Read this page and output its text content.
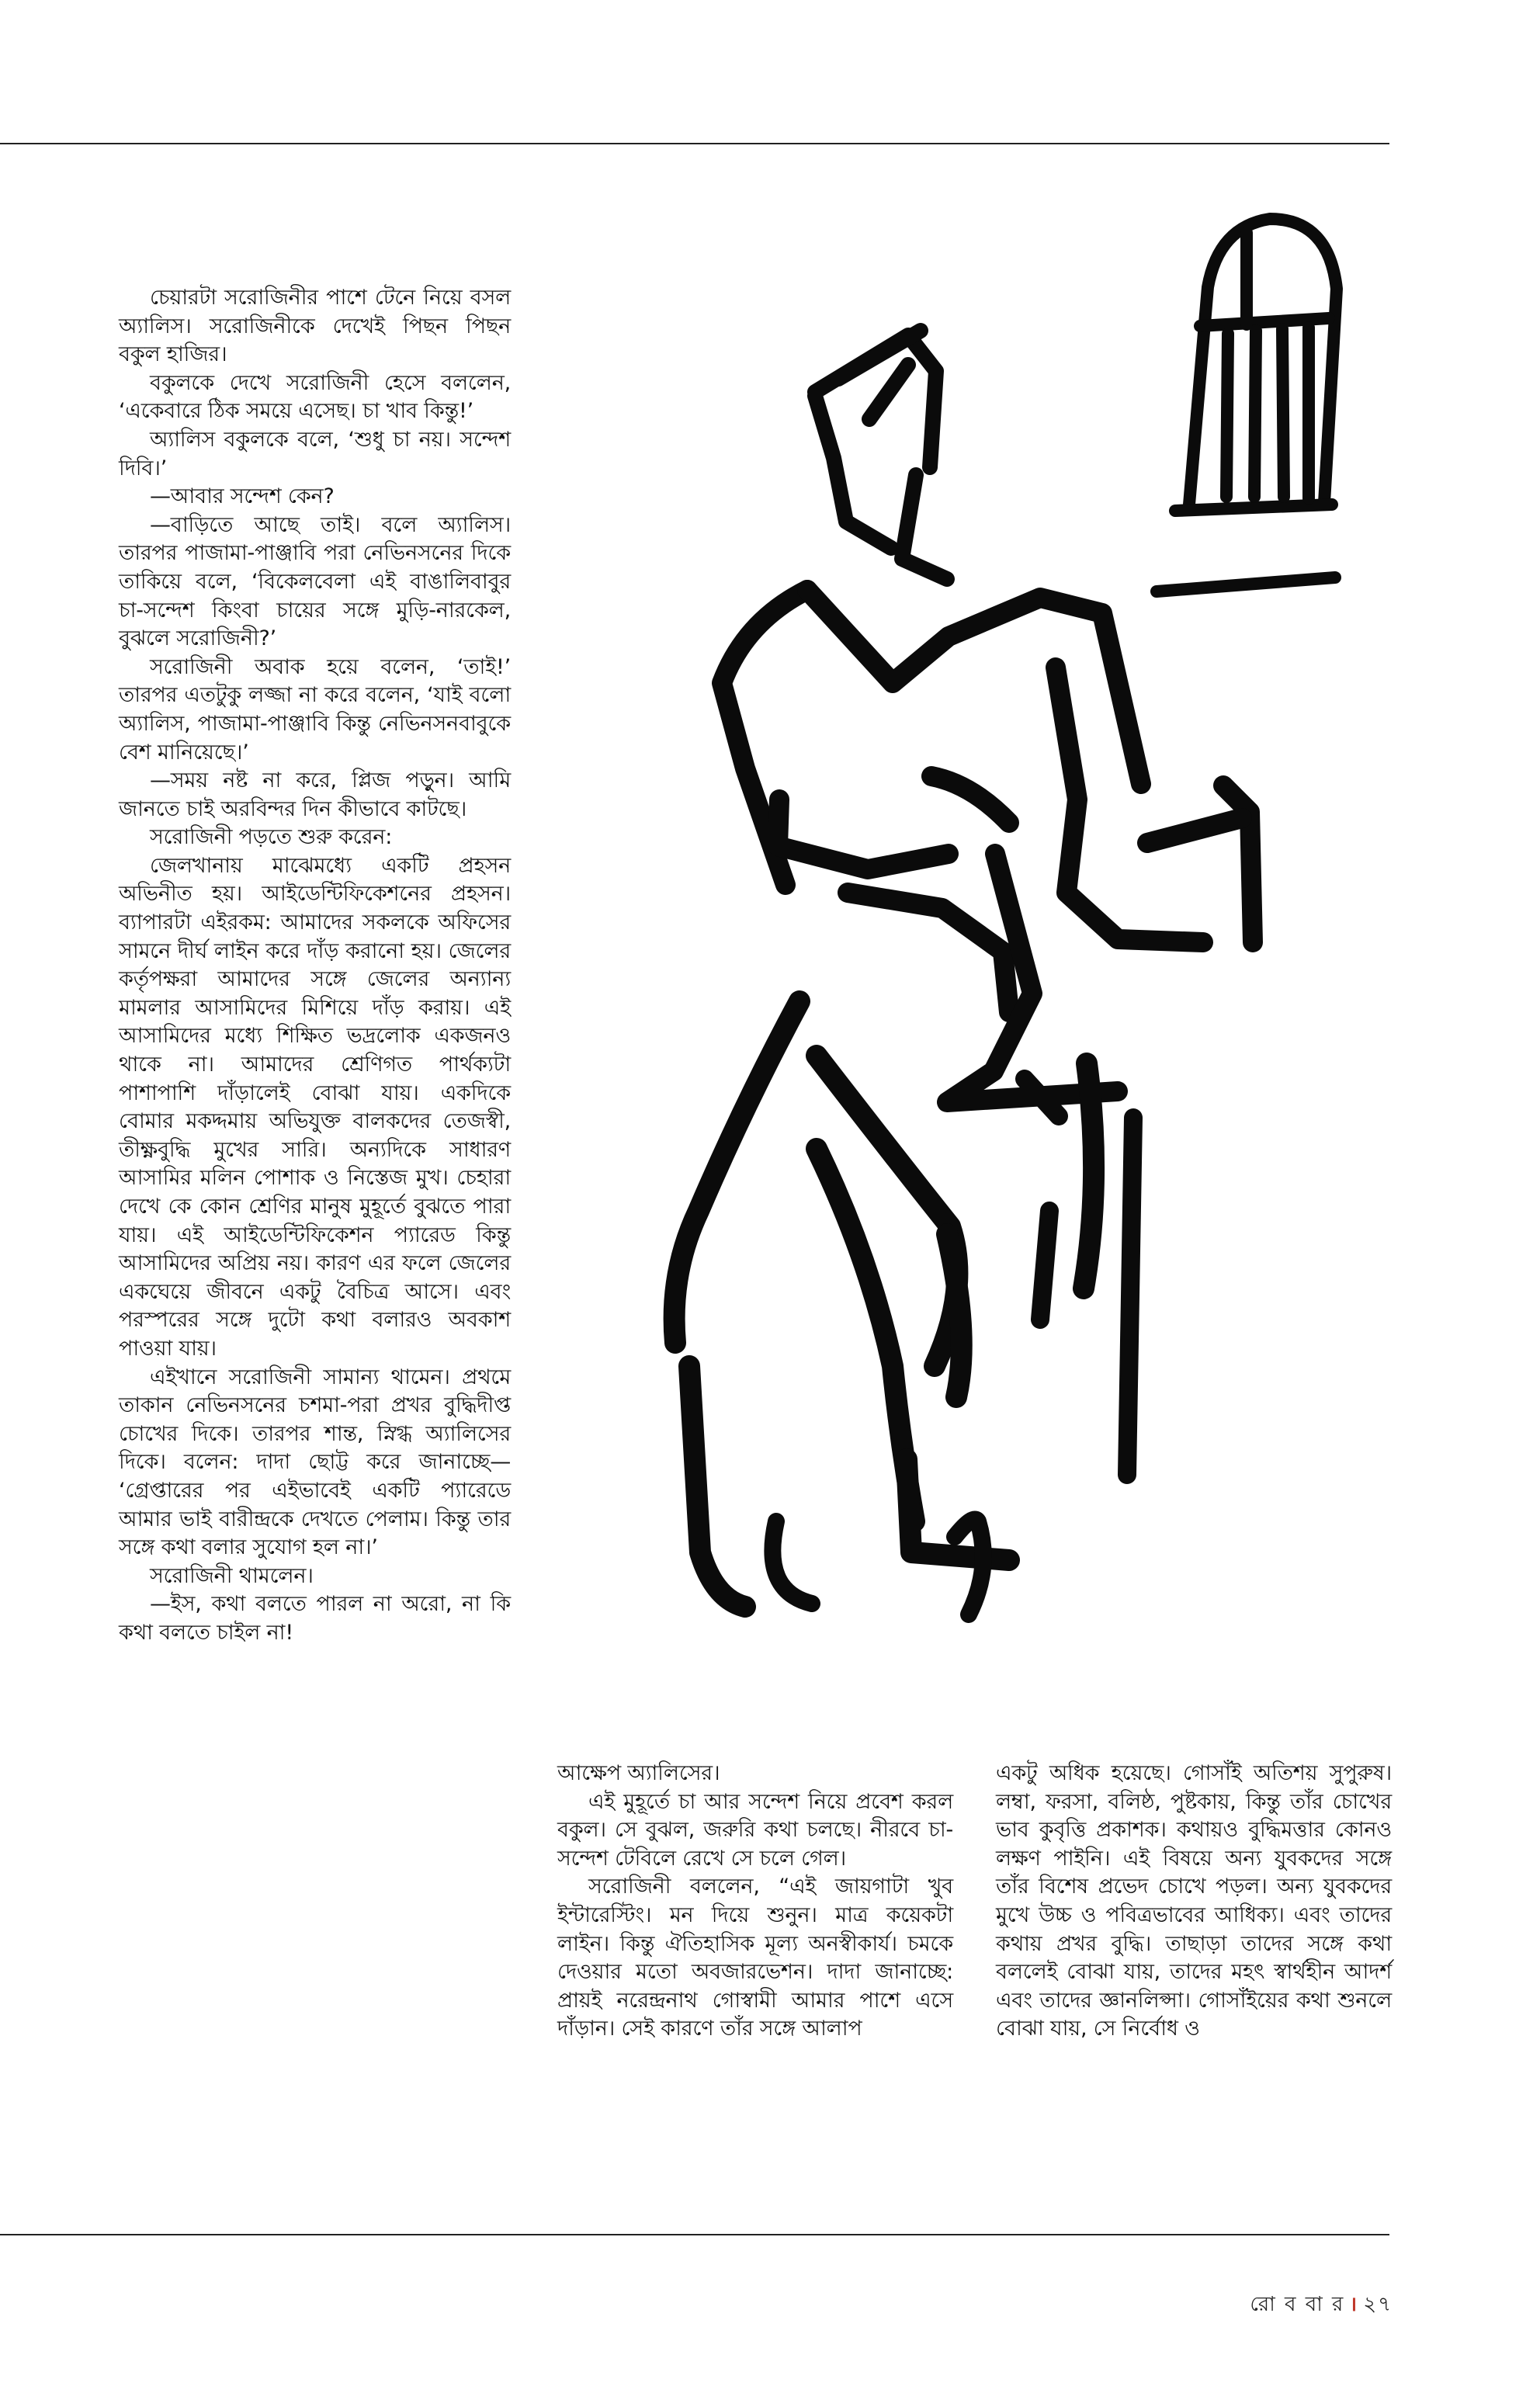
চেয়ারটা সরোজিনীর পাশে টেনে নিয়ে বসল অ্যালিস। সরোজিনীকে দেখেই পিছন পিছন বকুল হাজির।

বকুলকে দেখে সরোজিনী হেসে বললেন, ‘একেবারে ঠিক সময়ে এসেছ। চা খাব কিন্তু!’

অ্যালিস বকুলকে বলে, ‘শুধু চা নয়। সন্দেশ দিবি।’

—আবার সন্দেশ কেন?

—বাড়িতে আছে তাই। বলে অ্যালিস। তারপর পাজামা-পাঞ্জাবি পরা নেভিনসনের দিকে তাকিয়ে বলে, ‘বিকেলবেলা এই বাঙালিবাবুর চা-সন্দেশ কিংবা চায়ের সঙ্গে মুড়ি-নারকেল, বুঝলে সরোজিনী?’

সরোজিনী অবাক হয়ে বলেন, ‘তাই!’ তারপর এতটুকু লজ্জা না করে বলেন, ‘যাই বলো অ্যালিস, পাজামা-পাঞ্জাবি কিন্তু নেভিনসনবাবুকে বেশ মানিয়েছে।’

—সময় নষ্ট না করে, প্লিজ পড়ুন। আমি জানতে চাই অরবিন্দর দিন কীভাবে কাটছে।

সরোজিনী পড়তে শুরু করেন:

জেলখানায় মাঝেমধ্যে একটি প্রহসন অভিনীত হয়। আইডেন্টিফিকেশনের প্রহসন। ব্যাপারটা এইরকম: আমাদের সকলকে অফিসের সামনে দীর্ঘ লাইন করে দাঁড় করানো হয়। জেলের কর্তৃপক্ষরা আমাদের সঙ্গে জেলের অন্যান্য মামলার আসামিদের মিশিয়ে দাঁড় করায়। এই আসামিদের মধ্যে শিক্ষিত ভদ্রলোক একজনও থাকে না। আমাদের শ্রেণিগত পার্থক্যটা পাশাপাশি দাঁড়ালেই বোঝা যায়। একদিকে বোমার মকদ্দমায় অভিযুক্ত বালকদের তেজস্বী, তীক্ষ্ণবুদ্ধি মুখের সারি। অন্যদিকে সাধারণ আসামির মলিন পোশাক ও নিস্তেজ মুখ। চেহারা দেখে কে কোন শ্রেণির মানুষ মুহূর্তে বুঝতে পারা যায়। এই আইডেন্টিফিকেশন প্যারেড কিন্তু আসামিদের অপ্রিয় নয়। কারণ এর ফলে জেলের একঘেয়ে জীবনে একটু বৈচিত্র আসে। এবং পরস্পরের সঙ্গে দুটো কথা বলারও অবকাশ পাওয়া যায়।

এইখানে সরোজিনী সামান্য থামেন। প্রথমে তাকান নেভিনসনের চশমা-পরা প্রখর বুদ্ধিদীপ্ত চোখের দিকে। তারপর শান্ত, স্নিগ্ধ অ্যালিসের দিকে। বলেন: দাদা ছোট্ট করে জানাচ্ছে— ‘গ্রেপ্তারের পর এইভাবেই একটি প্যারেডে আমার ভাই বারীন্দ্রকে দেখতে পেলাম। কিন্তু তার সঙ্গে কথা বলার সুযোগ হল না।’

সরোজিনী থামলেন।

—ইস, কথা বলতে পারল না অরো, না কি কথা বলতে চাইল না!

আক্ষেপ অ্যালিসের।

এই মুহূর্তে চা আর সন্দেশ নিয়ে প্রবেশ করল বকুল। সে বুঝল, জরুরি কথা চলছে। নীরবে চা-সন্দেশ টেবিলে রেখে সে চলে গেল।

সরোজিনী বললেন, “এই জায়গাটা খুব ইন্টারেস্টিং। মন দিয়ে শুনুন। মাত্র কয়েকটা লাইন। কিন্তু ঐতিহাসিক মূল্য অনস্বীকার্য। চমকে দেওয়ার মতো অবজারভেশন। দাদা জানাচ্ছে: প্রায়ই নরেন্দ্রনাথ গোস্বামী আমার পাশে এসে দাঁড়ান। সেই কারণে তাঁর সঙ্গে আলাপ

একটু অধিক হয়েছে। গোসাঁই অতিশয় সুপুরুষ। লম্বা, ফরসা, বলিষ্ঠ, পুষ্টকায়, কিন্তু তাঁর চোখের ভাব কুবৃত্তি প্রকাশক। কথায়ও বুদ্ধিমত্তার কোনও লক্ষণ পাইনি। এই বিষয়ে অন্য যুবকদের সঙ্গে তাঁর বিশেষ প্রভেদ চোখে পড়ল। অন্য যুবকদের মুখে উচ্চ ও পবিত্রভাবের আধিক্য। এবং তাদের কথায় প্রখর বুদ্ধি। তাছাড়া তাদের সঙ্গে কথা বললেই বোঝা যায়, তাদের মহৎ স্বার্থহীন আদর্শ এবং তাদের জ্ঞানলিপ্সা। গোসাঁইয়ের কথা শুনলে বোঝা যায়, সে নির্বোধ ও

রো ব বা র । ২৭
